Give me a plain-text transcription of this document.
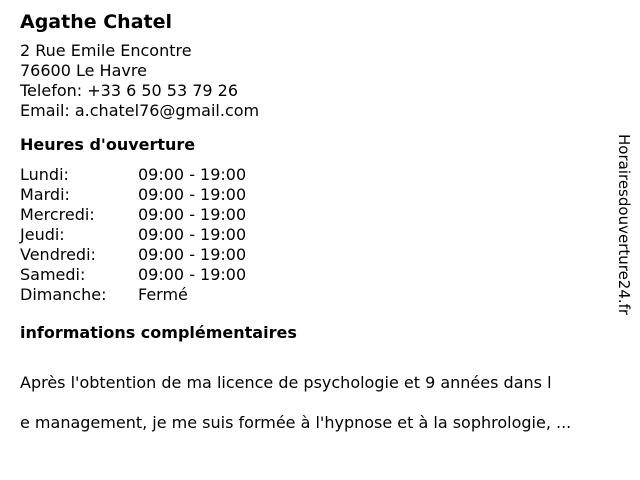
Agathe Chatel
2 Rue Emile Encontre
76600 Le Havre
Telefon: +33 6 50 53 79 26
Email: a.chatel76@gmail.com
Heures d'ouverture
Lundi:	09:00 - 19:00
Mardi:	09:00 - 19:00
Mercredi:	09:00 - 19:00
Jeudi:	09:00 - 19:00
Vendredi:	09:00 - 19:00
Samedi:	09:00 - 19:00
Dimanche:	Fermé
informations complémentaires

Après l'obtention de ma licence de psychologie et 9 années dans l

e management, je me suis formée à l'hypnose et à la sophrologie, ...

Horairesdouverture24.fr
